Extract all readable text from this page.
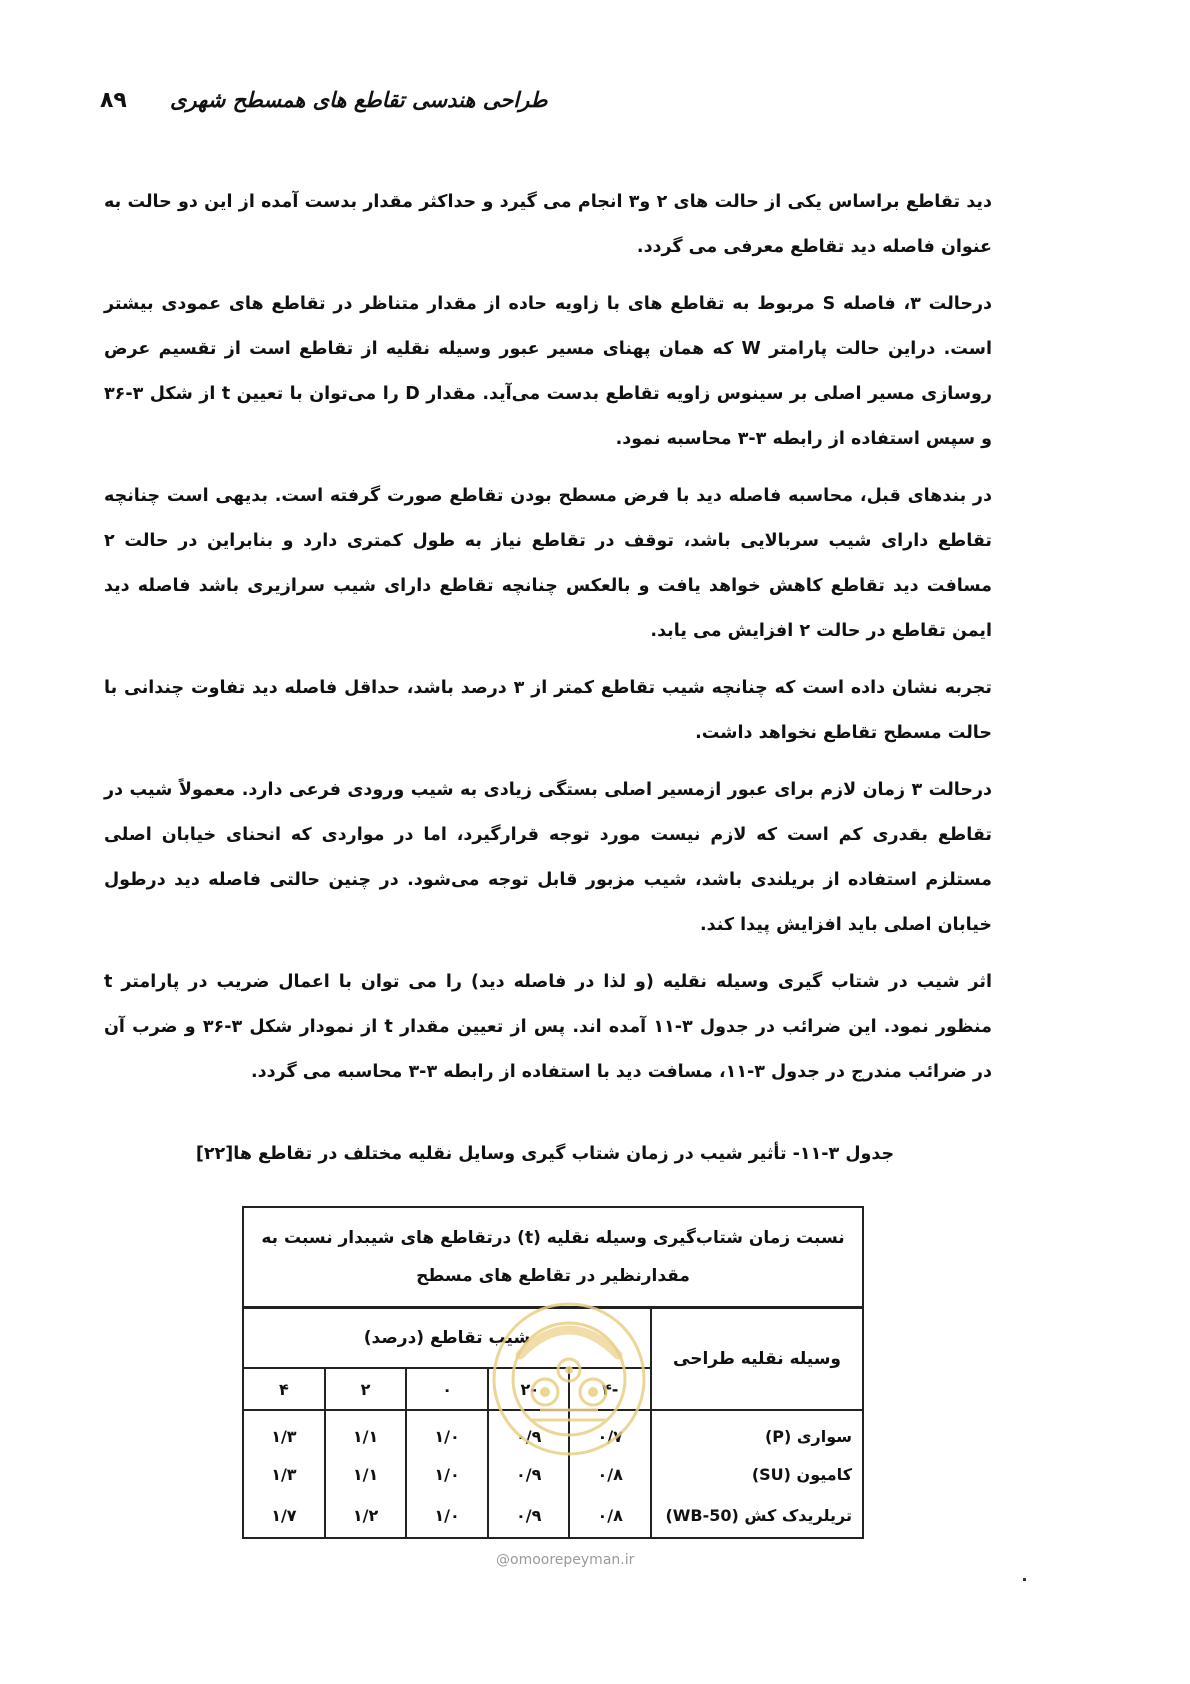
۸۹ طراحی هندسی تقاطع های همسطح شهری

دید تقاطع براساس یکی از حالت های ۲ و۳ انجام می گیرد و حداکثر مقدار بدست آمده از این دو حالت به عنوان فاصله دید تقاطع معرفی می گردد.

درحالت ۳، فاصله S مربوط به تقاطع های با زاویه حاده از مقدار متناظر در تقاطع های عمودی بیشتر است. دراین حالت پارامتر W که همان پهنای مسیر عبور وسیله نقلیه از تقاطع است از تقسیم عرض روسازی مسیر اصلی بر سینوس زاویه تقاطع بدست می‌آید. مقدار D را می‌توان با تعیین t از شکل ۳-۳۶ و سپس استفاده از رابطه ۳-۳ محاسبه نمود.

در بندهای قبل، محاسبه فاصله دید با فرض مسطح بودن تقاطع صورت گرفته است. بدیهی است چنانچه تقاطع دارای شیب سربالایی باشد، توقف در تقاطع نیاز به طول کمتری دارد و بنابراین در حالت ۲ مسافت دید تقاطع کاهش خواهد یافت و بالعکس چنانچه تقاطع دارای شیب سرازیری باشد فاصله دید ایمن تقاطع در حالت ۲ افزایش می یابد.

تجربه نشان داده است که چنانچه شیب تقاطع کمتر از ۳ درصد باشد، حداقل فاصله دید تفاوت چندانی با حالت مسطح تقاطع نخواهد داشت.

درحالت ۳ زمان لازم برای عبور ازمسیر اصلی بستگی زیادی به شیب ورودی فرعی دارد. معمولاً شیب در تقاطع بقدری کم است که لازم نیست مورد توجه قرارگیرد، اما در مواردی که انحنای خیابان اصلی مستلزم استفاده از بریلندی باشد، شیب مزبور قابل توجه می‌شود. در چنین حالتی فاصله دید درطول خیابان اصلی باید افزایش پیدا کند.

اثر شیب در شتاب گیری وسیله نقلیه (و لذا در فاصله دید) را می توان با اعمال ضریب در پارامتر t منظور نمود. این ضرائب در جدول ۳-۱۱ آمده اند. پس از تعیین مقدار t از نمودار شکل ۳-۳۶ و ضرب آن در ضرائب مندرج در جدول ۳-۱۱، مسافت دید با استفاده از رابطه ۳-۳ محاسبه می گردد.

جدول ۳-۱۱- تأثیر شیب در زمان شتاب گیری وسایل نقلیه مختلف در تقاطع ها[۲۲]
نسبت زمان شتاب‌گیری وسیله نقلیه (t) درتقاطع های شیبدار نسبت به مقدارنظیر در تقاطع های مسطح					
وسیله نقلیه طراحی	شیب تقاطع (درصد)				
	-۴	-۲	۰	۲	۴
سواری (P)	۰/۷	۰/۹	۱/۰	۱/۱	۱/۳
کامیون (SU)	۰/۸	۰/۹	۱/۰	۱/۱	۱/۳
تریلریدک کش (WB-50)	۰/۸	۰/۹	۱/۰	۱/۲	۱/۷
@omoorepeyman.ir
